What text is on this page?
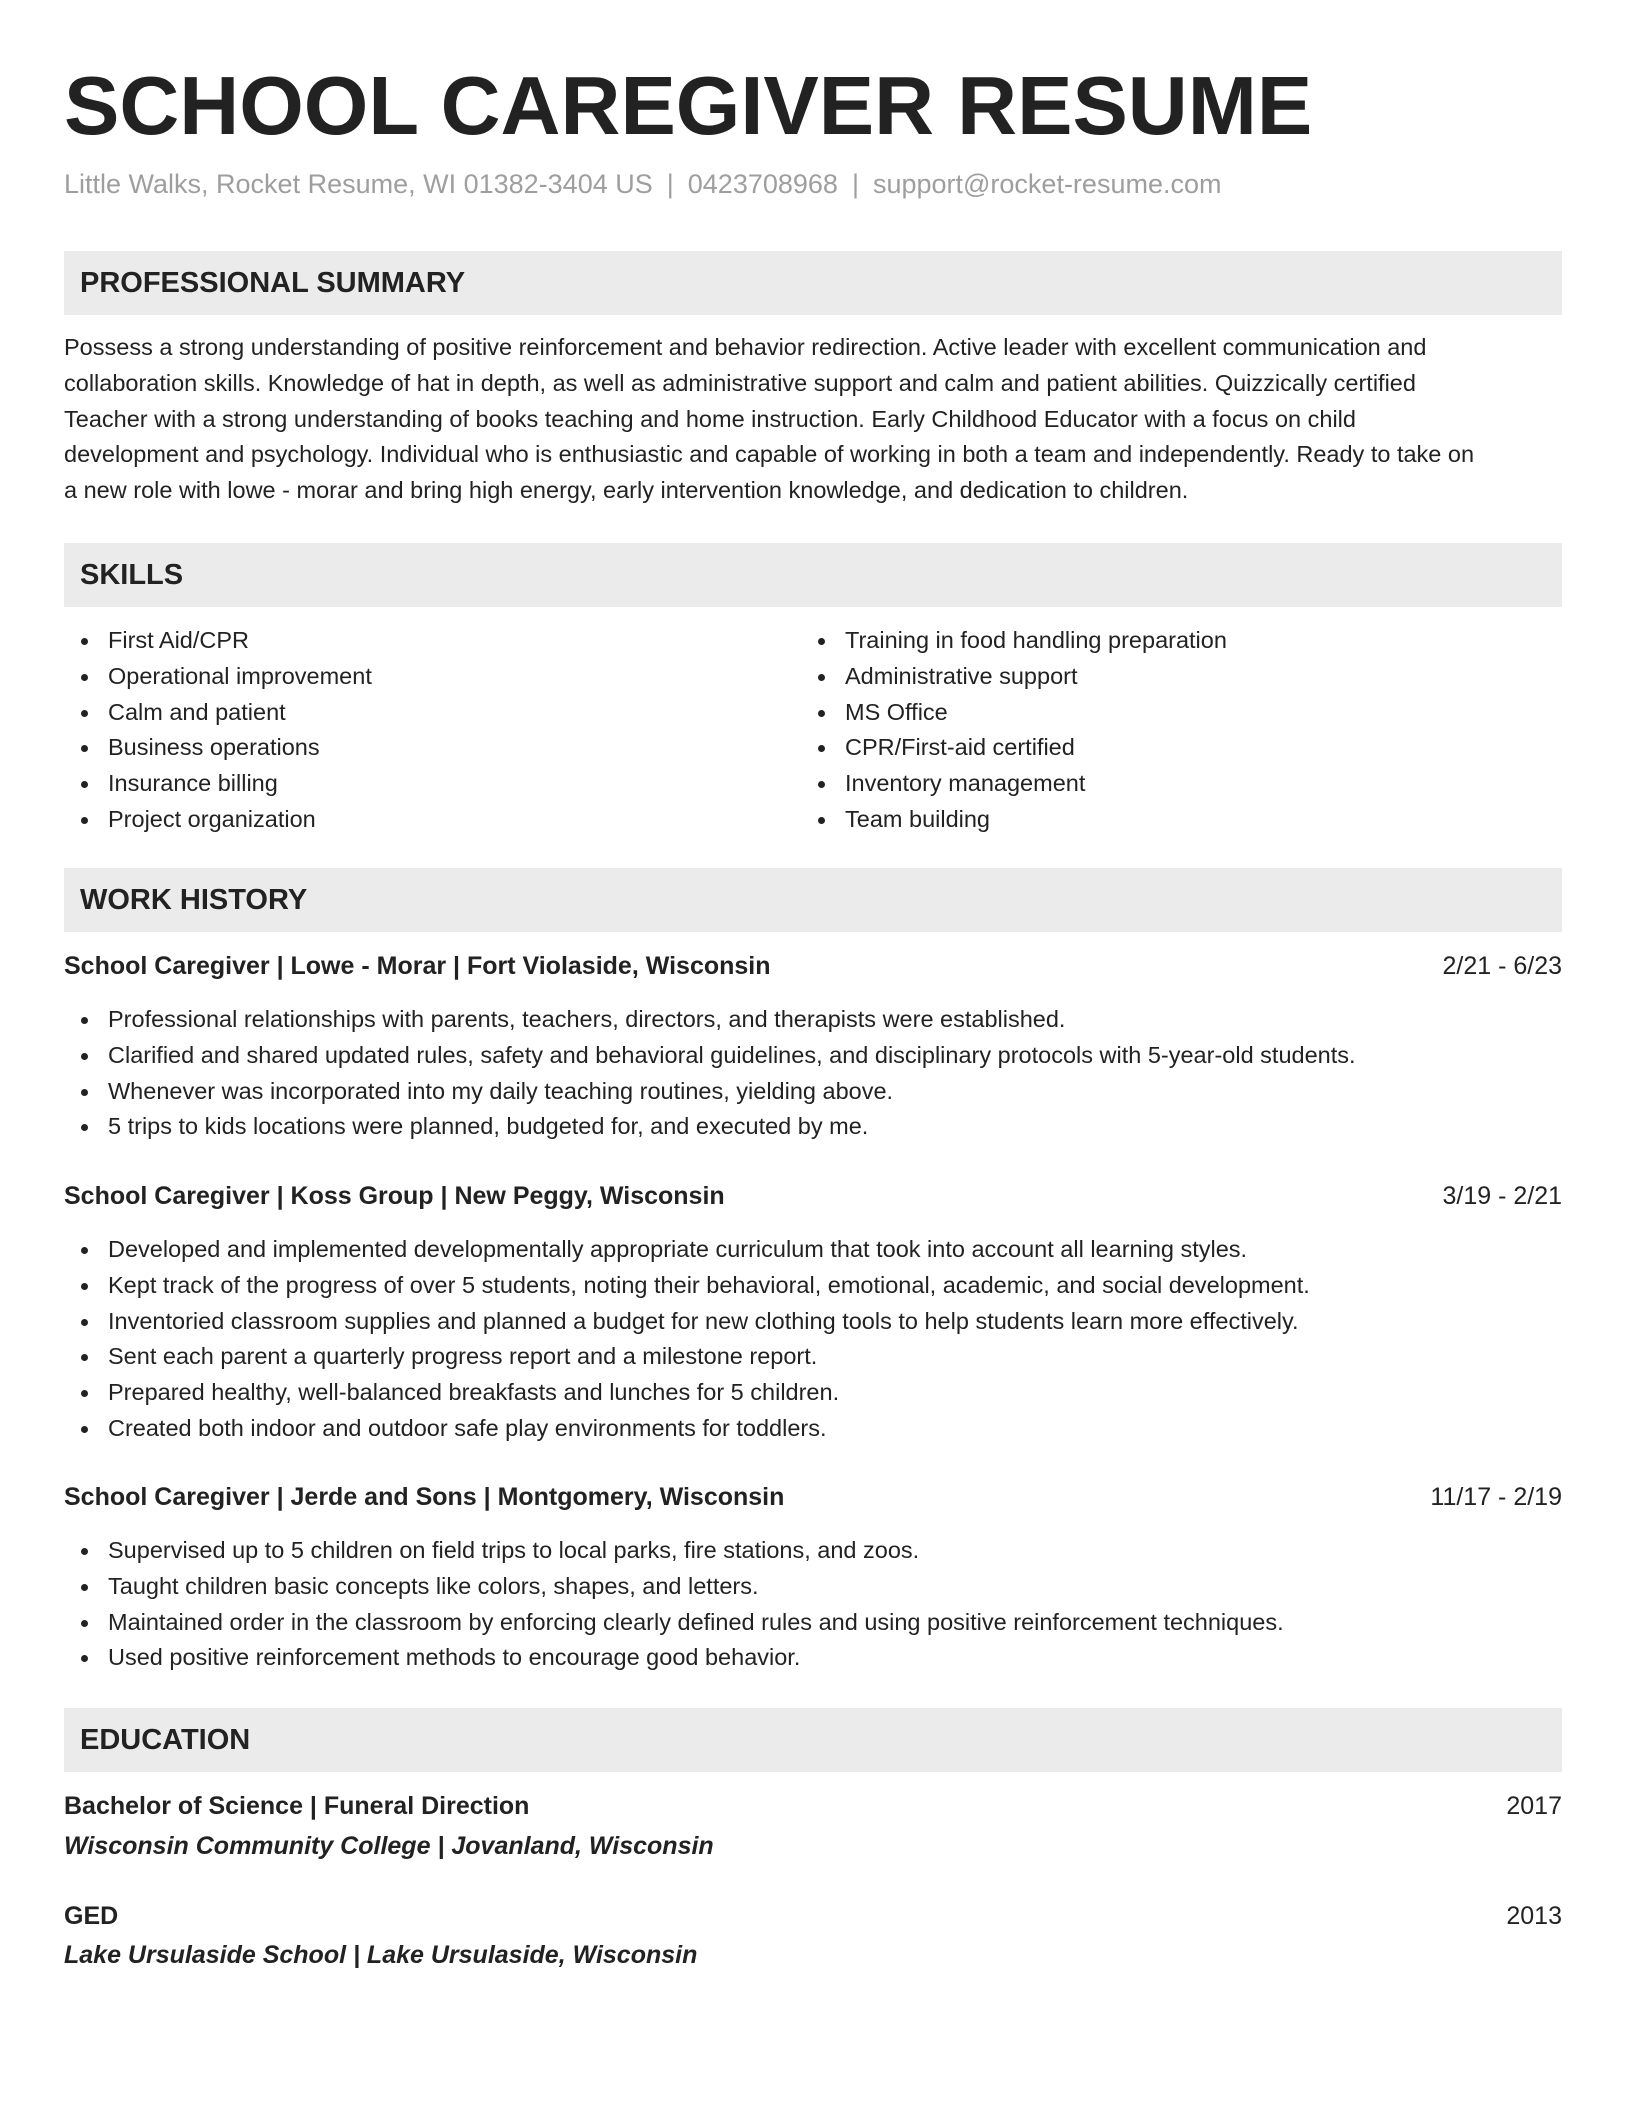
SCHOOL CAREGIVER RESUME
Little Walks, Rocket Resume, WI 01382-3404 US | 0423708968 | support@rocket-resume.com
PROFESSIONAL SUMMARY
Possess a strong understanding of positive reinforcement and behavior redirection. Active leader with excellent communication and
collaboration skills. Knowledge of hat in depth, as well as administrative support and calm and patient abilities. Quizzically certified
Teacher with a strong understanding of books teaching and home instruction. Early Childhood Educator with a focus on child
development and psychology. Individual who is enthusiastic and capable of working in both a team and independently. Ready to take on
a new role with lowe - morar and bring high energy, early intervention knowledge, and dedication to children.
SKILLS
First Aid/CPR
Operational improvement
Calm and patient
Business operations
Insurance billing
Project organization
Training in food handling preparation
Administrative support
MS Office
CPR/First-aid certified
Inventory management
Team building
WORK HISTORY
School Caregiver | Lowe - Morar | Fort Violaside, Wisconsin	2/21 - 6/23
Professional relationships with parents, teachers, directors, and therapists were established.
Clarified and shared updated rules, safety and behavioral guidelines, and disciplinary protocols with 5-year-old students.
Whenever was incorporated into my daily teaching routines, yielding above.
5 trips to kids locations were planned, budgeted for, and executed by me.
School Caregiver | Koss Group | New Peggy, Wisconsin	3/19 - 2/21
Developed and implemented developmentally appropriate curriculum that took into account all learning styles.
Kept track of the progress of over 5 students, noting their behavioral, emotional, academic, and social development.
Inventoried classroom supplies and planned a budget for new clothing tools to help students learn more effectively.
Sent each parent a quarterly progress report and a milestone report.
Prepared healthy, well-balanced breakfasts and lunches for 5 children.
Created both indoor and outdoor safe play environments for toddlers.
School Caregiver | Jerde and Sons | Montgomery, Wisconsin	11/17 - 2/19
Supervised up to 5 children on field trips to local parks, fire stations, and zoos.
Taught children basic concepts like colors, shapes, and letters.
Maintained order in the classroom by enforcing clearly defined rules and using positive reinforcement techniques.
Used positive reinforcement methods to encourage good behavior.
EDUCATION
Bachelor of Science | Funeral Direction	2017
Wisconsin Community College | Jovanland, Wisconsin
GED	2013
Lake Ursulaside School | Lake Ursulaside, Wisconsin
